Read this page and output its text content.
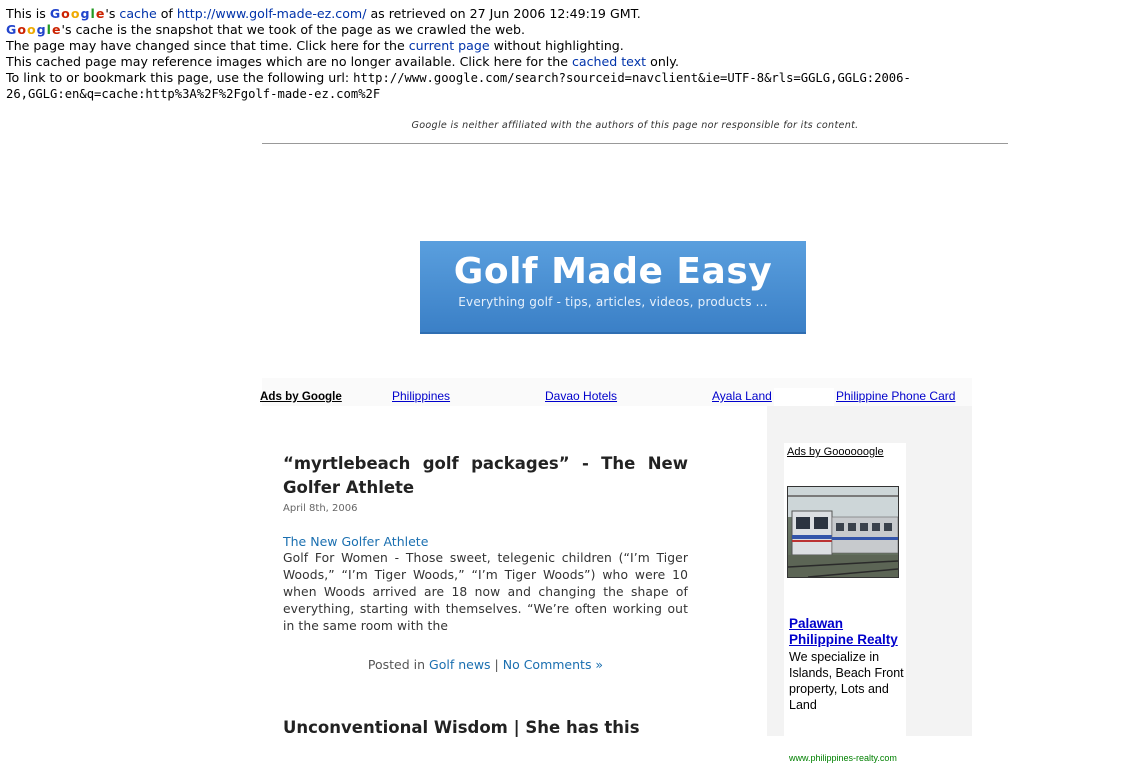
This is Google's cache of http://www.golf-made-ez.com/ as retrieved on 27 Jun 2006 12:49:19 GMT.
Google's cache is the snapshot that we took of the page as we crawled the web.
The page may have changed since that time. Click here for the current page without highlighting.
This cached page may reference images which are no longer available. Click here for the cached text only.
To link to or bookmark this page, use the following url: http://www.google.com/search?sourceid=navclient&ie=UTF-8&rls=GGLG,GGLG:2006-
26,GGLG:en&q=cache:http%3A%2F%2Fgolf-made-ez.com%2F
Google is neither affiliated with the authors of this page nor responsible for its content.
Golf Made Easy
Everything golf - tips, articles, videos, products ...
Ads by Google	Philippines	Davao Hotels	Ayala Land	Philippine Phone Card
Ads by Goooooogle
Palawan Philippine Realty
We specialize in Islands, Beach Front property, Lots and Land
www.philippines-realty.com
“myrtlebeach golf packages” - The New Golfer Athlete
April 8th, 2006
The New Golfer Athlete
Golf For Women - Those sweet, telegenic children (“I’m Tiger Woods,” “I’m Tiger Woods,” “I’m Tiger Woods”) who were 10 when Woods arrived are 18 now and changing the shape of everything, starting with themselves. “We’re often working out in the same room with the
Posted in Golf news | No Comments »
Unconventional Wisdom | She has this
